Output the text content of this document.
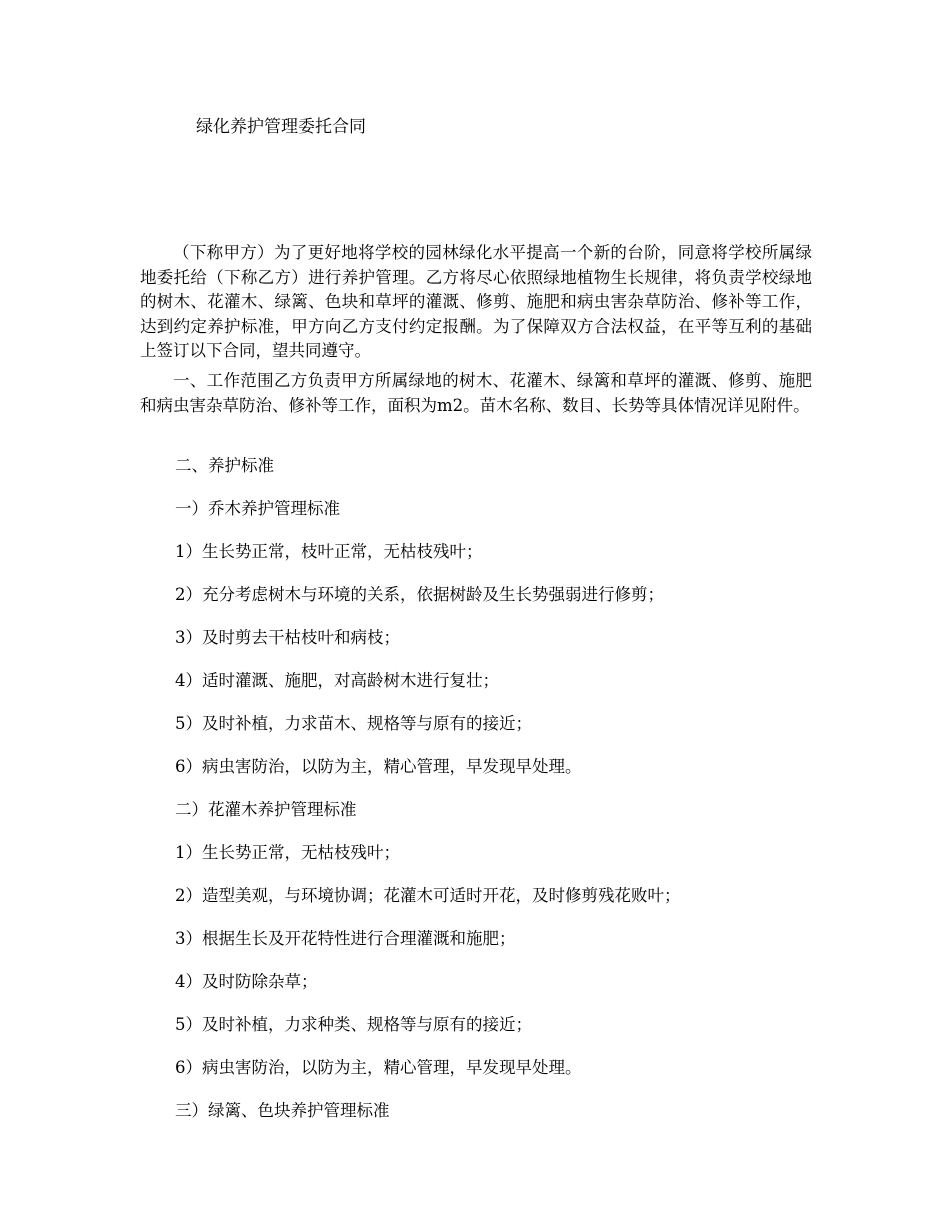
绿化养护管理委托合同

（下称甲方）为了更好地将学校的园林绿化水平提高一个新的台阶，同意将学校所属绿地委托给（下称乙方）进行养护管理。乙方将尽心依照绿地植物生长规律，将负责学校绿地的树木、花灌木、绿篱、色块和草坪的灌溉、修剪、施肥和病虫害杂草防治、修补等工作，达到约定养护标准，甲方向乙方支付约定报酬。为了保障双方合法权益，在平等互利的基础上签订以下合同，望共同遵守。

一、工作范围乙方负责甲方所属绿地的树木、花灌木、绿篱和草坪的灌溉、修剪、施肥和病虫害杂草防治、修补等工作，面积为m2。苗木名称、数目、长势等具体情况详见附件。

二、养护标准

一）乔木养护管理标准

1）生长势正常，枝叶正常，无枯枝残叶；

2）充分考虑树木与环境的关系，依据树龄及生长势强弱进行修剪；

3）及时剪去干枯枝叶和病枝；

4）适时灌溉、施肥，对高龄树木进行复壮；

5）及时补植，力求苗木、规格等与原有的接近；

6）病虫害防治，以防为主，精心管理，早发现早处理。

二）花灌木养护管理标准

1）生长势正常，无枯枝残叶；

2）造型美观，与环境协调；花灌木可适时开花，及时修剪残花败叶；

3）根据生长及开花特性进行合理灌溉和施肥；

4）及时防除杂草；

5）及时补植，力求种类、规格等与原有的接近；

6）病虫害防治，以防为主，精心管理，早发现早处理。

三）绿篱、色块养护管理标准
